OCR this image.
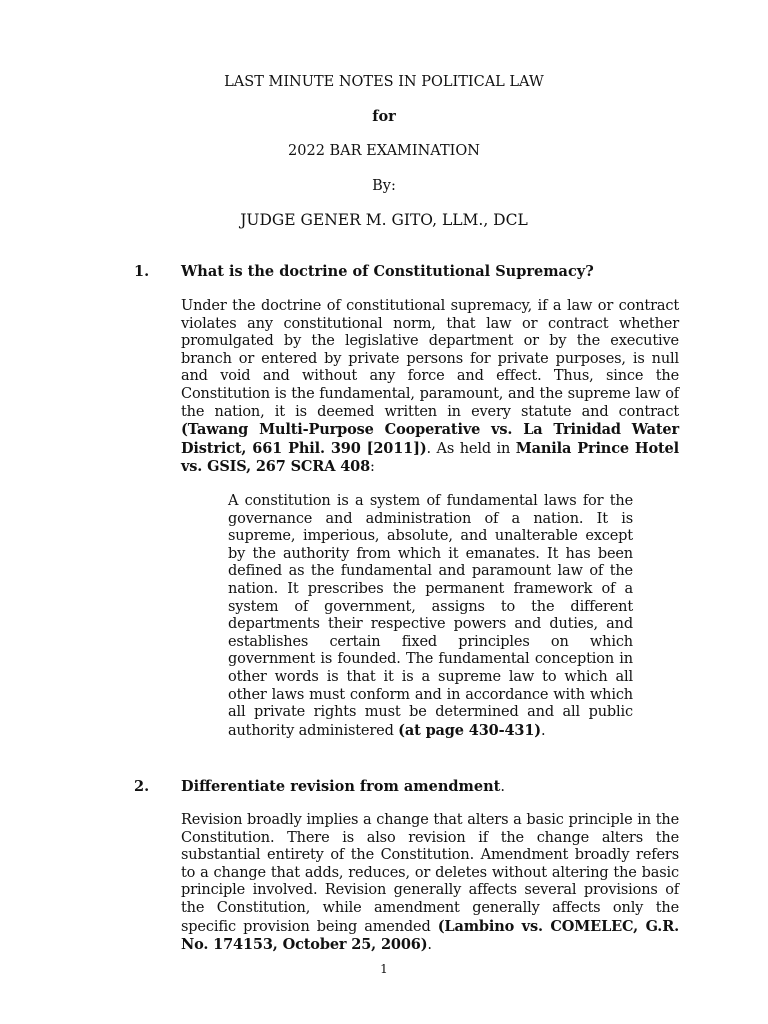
LAST MINUTE NOTES IN POLITICAL LAW
for
2022 BAR EXAMINATION
By:
JUDGE GENER M. GITO, LLM., DCL
1. What is the doctrine of Constitutional Supremacy?

Under the doctrine of constitutional supremacy, if a law or contract violates any constitutional norm, that law or contract whether promulgated by the legislative department or by the executive branch or entered by private persons for private purposes, is null and void and without any force and effect. Thus, since the Constitution is the fundamental, paramount, and the supreme law of the nation, it is deemed written in every statute and contract (Tawang Multi-Purpose Cooperative vs. La Trinidad Water District, 661 Phil. 390 [2011]). As held in Manila Prince Hotel vs. GSIS, 267 SCRA 408:

A constitution is a system of fundamental laws for the governance and administration of a nation. It is supreme, imperious, absolute, and unalterable except by the authority from which it emanates. It has been defined as the fundamental and paramount law of the nation. It prescribes the permanent framework of a system of government, assigns to the different departments their respective powers and duties, and establishes certain fixed principles on which government is founded. The fundamental conception in other words is that it is a supreme law to which all other laws must conform and in accordance with which all private rights must be determined and all public authority administered (at page 430-431).

2. Differentiate revision from amendment.

Revision broadly implies a change that alters a basic principle in the Constitution. There is also revision if the change alters the substantial entirety of the Constitution. Amendment broadly refers to a change that adds, reduces, or deletes without altering the basic principle involved. Revision generally affects several provisions of the Constitution, while amendment generally affects only the specific provision being amended (Lambino vs. COMELEC, G.R. No. 174153, October 25, 2006).

1
